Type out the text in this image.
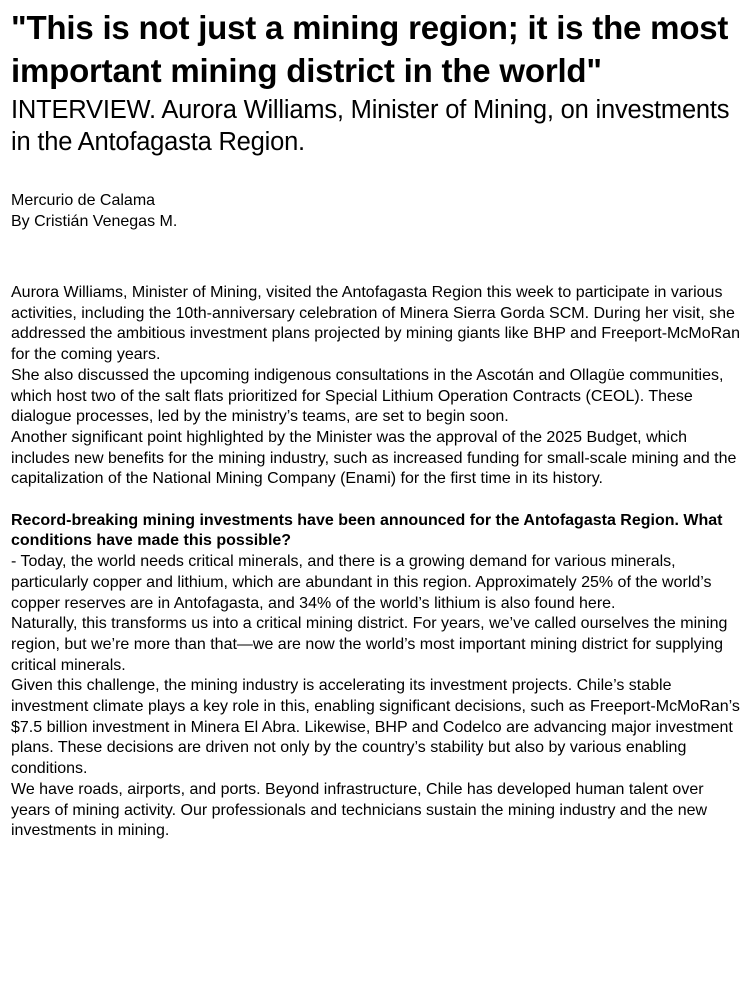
"This is not just a mining region; it is the most important mining district in the world"
INTERVIEW. Aurora Williams, Minister of Mining, on investments in the Antofagasta Region.
Mercurio de Calama
By Cristián Venegas M.

Aurora Williams, Minister of Mining, visited the Antofagasta Region this week to participate in various activities, including the 10th-anniversary celebration of Minera Sierra Gorda SCM. During her visit, she addressed the ambitious investment plans projected by mining giants like BHP and Freeport-McMoRan for the coming years.

She also discussed the upcoming indigenous consultations in the Ascotán and Ollagüe communities, which host two of the salt flats prioritized for Special Lithium Operation Contracts (CEOL). These dialogue processes, led by the ministry’s teams, are set to begin soon.

Another significant point highlighted by the Minister was the approval of the 2025 Budget, which includes new benefits for the mining industry, such as increased funding for small-scale mining and the capitalization of the National Mining Company (Enami) for the first time in its history.

Record-breaking mining investments have been announced for the Antofagasta Region. What conditions have made this possible?

- Today, the world needs critical minerals, and there is a growing demand for various minerals, particularly copper and lithium, which are abundant in this region. Approximately 25% of the world’s copper reserves are in Antofagasta, and 34% of the world’s lithium is also found here.

Naturally, this transforms us into a critical mining district. For years, we’ve called ourselves the mining region, but we’re more than that—we are now the world’s most important mining district for supplying critical minerals.

Given this challenge, the mining industry is accelerating its investment projects. Chile’s stable investment climate plays a key role in this, enabling significant decisions, such as Freeport-McMoRan’s $7.5 billion investment in Minera El Abra. Likewise, BHP and Codelco are advancing major investment plans. These decisions are driven not only by the country’s stability but also by various enabling conditions.

We have roads, airports, and ports. Beyond infrastructure, Chile has developed human talent over years of mining activity. Our professionals and technicians sustain the mining industry and the new investments in mining.
